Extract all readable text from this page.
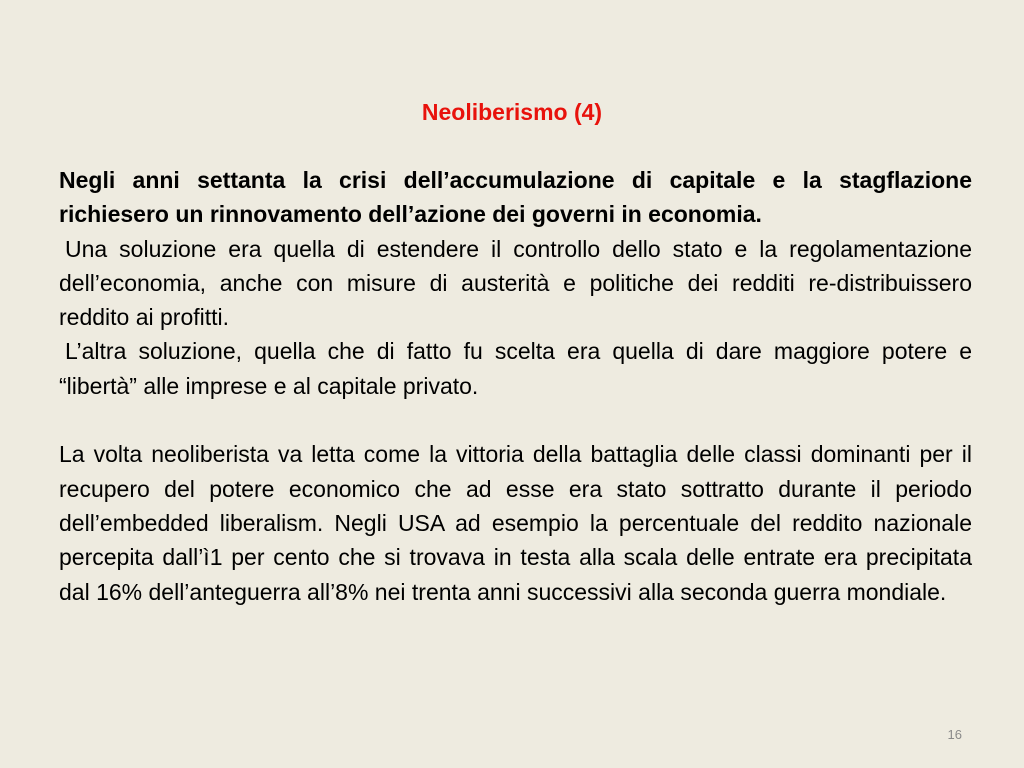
Neoliberismo (4)

Negli anni settanta la crisi dell’accumulazione di capitale e la stagflazione richiesero un rinnovamento dell’azione dei governi in economia.

Una soluzione era quella di estendere il controllo dello stato e la regolamentazione dell’economia, anche con misure di austerità e politiche dei redditi re-distribuissero reddito ai profitti.

L’altra soluzione, quella che di fatto fu scelta era quella di dare maggiore potere e “libertà” alle imprese e al capitale privato.

La volta neoliberista va letta come la vittoria della battaglia delle classi dominanti per il recupero del potere economico che ad esse era stato sottratto durante il periodo dell’embedded liberalism. Negli USA ad esempio la percentuale del reddito nazionale percepita dall’ì1 per cento che si trovava in testa alla scala delle entrate era precipitata dal 16% dell’anteguerra all’8% nei trenta anni successivi alla seconda guerra mondiale.

16
